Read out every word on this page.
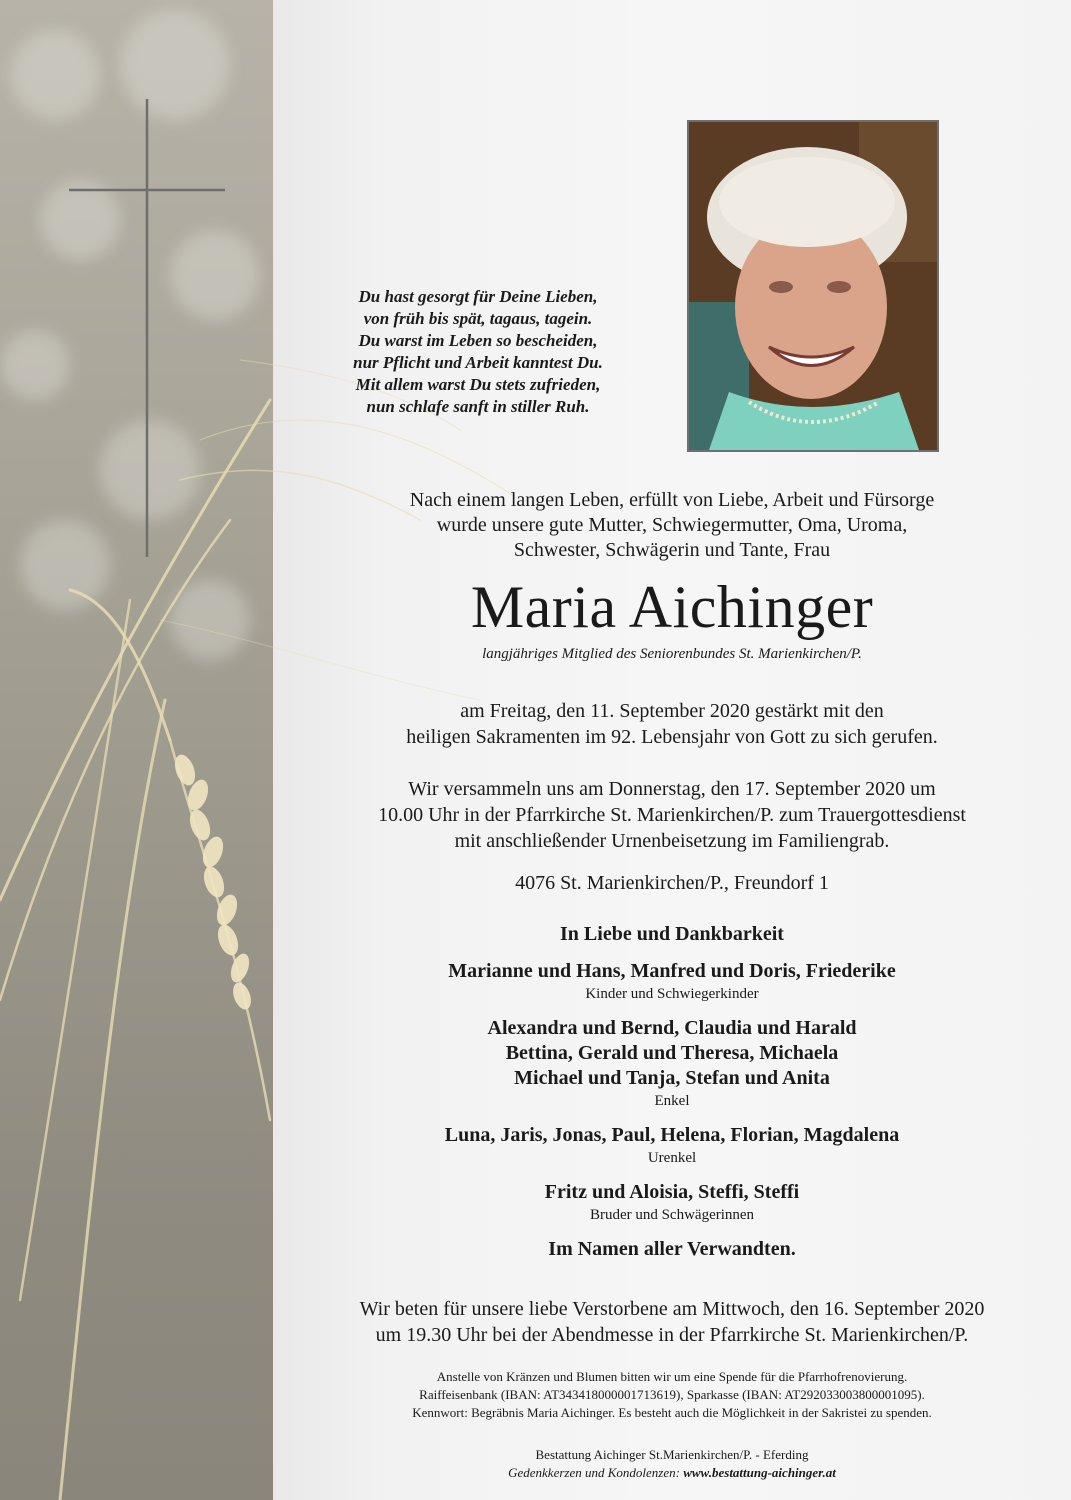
Du hast gesorgt für Deine Lieben,
von früh bis spät, tagaus, tagein.
Du warst im Leben so bescheiden,
nur Pflicht und Arbeit kanntest Du.
Mit allem warst Du stets zufrieden,
nun schlafe sanft in stiller Ruh.
Nach einem langen Leben, erfüllt von Liebe, Arbeit und Fürsorge
wurde unsere gute Mutter, Schwiegermutter, Oma, Uroma,
Schwester, Schwägerin und Tante, Frau
Maria Aichinger
langjähriges Mitglied des Seniorenbundes St. Marienkirchen/P.
am Freitag, den 11. September 2020 gestärkt mit den
heiligen Sakramenten im 92. Lebensjahr von Gott zu sich gerufen.
Wir versammeln uns am Donnerstag, den 17. September 2020 um
10.00 Uhr in der Pfarrkirche St. Marienkirchen/P. zum Trauergottesdienst
mit anschließender Urnenbeisetzung im Familiengrab.
4076 St. Marienkirchen/P., Freundorf 1
In Liebe und Dankbarkeit
Marianne und Hans, Manfred und Doris, Friederike
Kinder und Schwiegerkinder
Alexandra und Bernd, Claudia und Harald
Bettina, Gerald und Theresa, Michaela
Michael und Tanja, Stefan und Anita
Enkel
Luna, Jaris, Jonas, Paul, Helena, Florian, Magdalena
Urenkel
Fritz und Aloisia, Steffi, Steffi
Bruder und Schwägerinnen
Im Namen aller Verwandten.
Wir beten für unsere liebe Verstorbene am Mittwoch, den 16. September 2020
um 19.30 Uhr bei der Abendmesse in der Pfarrkirche St. Marienkirchen/P.
Anstelle von Kränzen und Blumen bitten wir um eine Spende für die Pfarrhofrenovierung.
Raiffeisenbank (IBAN: AT343418000001713619), Sparkasse (IBAN: AT292033003800001095).
Kennwort: Begräbnis Maria Aichinger. Es besteht auch die Möglichkeit in der Sakristei zu spenden.
Bestattung Aichinger St.Marienkirchen/P. - Eferding
Gedenkkerzen und Kondolenzen: www.bestattung-aichinger.at
